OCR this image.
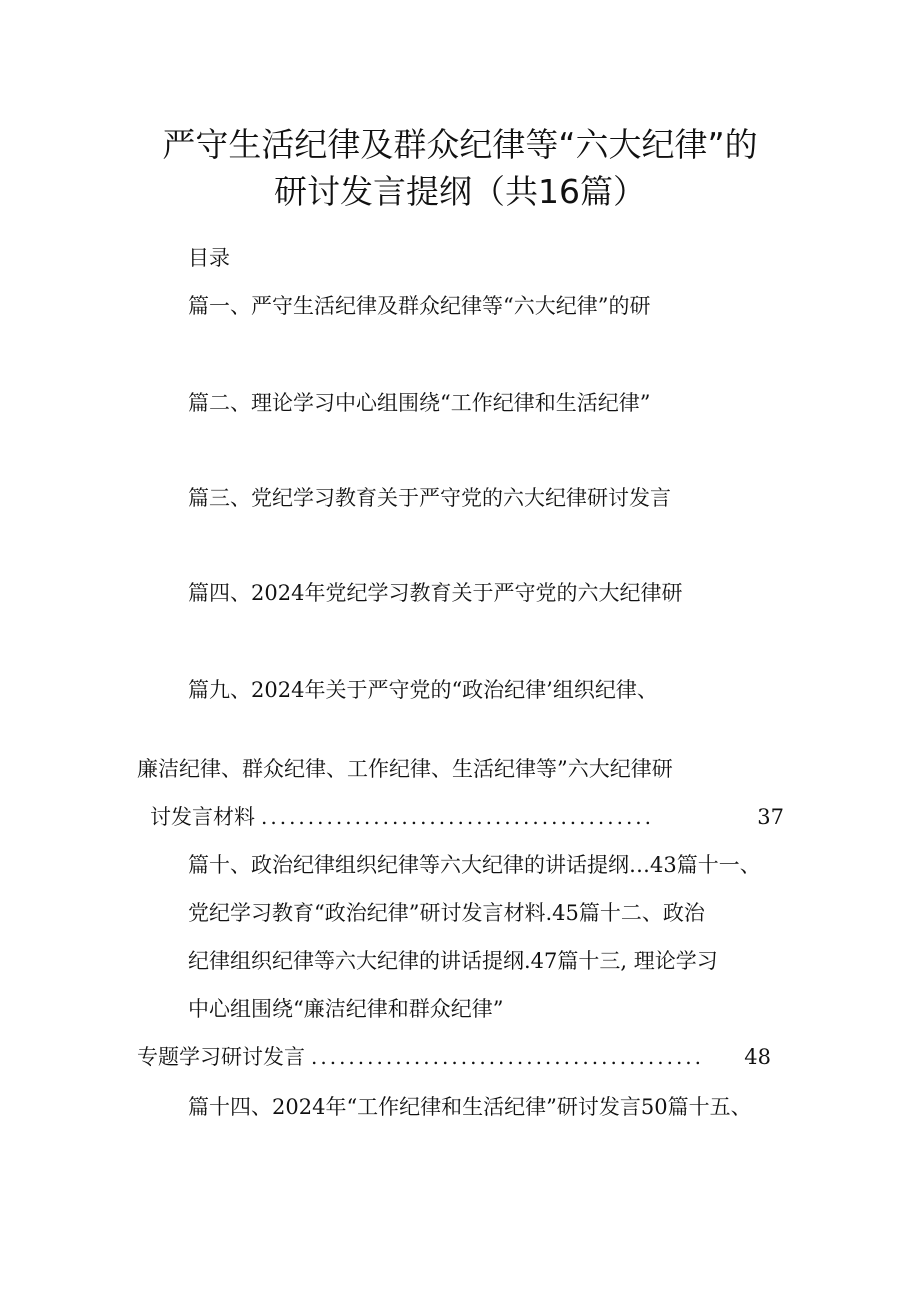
严守生活纪律及群众纪律等“六大纪律”的
研讨发言提纲（共16篇）
目录
篇一、严守生活纪律及群众纪律等“六大纪律”的研
篇二、理论学习中心组围绕“工作纪律和生活纪律”
篇三、党纪学习教育关于严守党的六大纪律研讨发言
篇四、2024年党纪学习教育关于严守党的六大纪律研
篇九、2024年关于严守党的“政治纪律’组织纪律、
廉洁纪律、群众纪律、工作纪律、生活纪律等”六大纪律研
讨发言材料 ..........................................	37
篇十、政治纪律组织纪律等六大纪律的讲话提纲…43篇十一、
党纪学习教育“政治纪律”研讨发言材料.45篇十二、政治
纪律组织纪律等六大纪律的讲话提纲.47篇十三, 理论学习
中心组围绕“廉洁纪律和群众纪律”
专题学习研讨发言 ..........................................	48
篇十四、2024年“工作纪律和生活纪律”研讨发言50篇十五、
